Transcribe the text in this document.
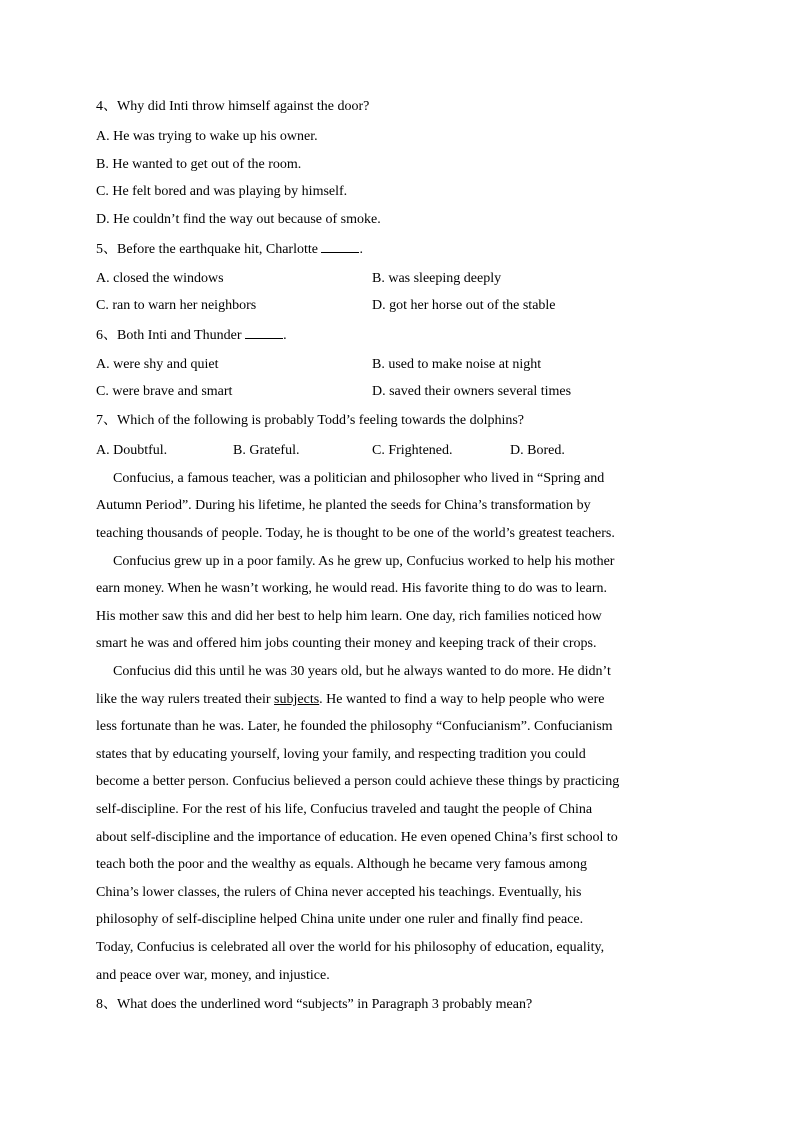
4、Why did Inti throw himself against the door?
A. He was trying to wake up his owner.
B. He wanted to get out of the room.
C. He felt bored and was playing by himself.
D. He couldn’t find the way out because of smoke.
5、Before the earthquake hit, Charlotte	.
A. closed the windows	B. was sleeping deeply
C. ran to warn her neighbors	D. got her horse out of the stable
6、Both Inti and Thunder	.
A. were shy and quiet	B. used to make noise at night
C. were brave and smart	D. saved their owners several times
7、Which of the following is probably Todd’s feeling towards the dolphins?
A. Doubtful.	B. Grateful.	C. Frightened.	D. Bored.
Confucius, a famous teacher, was a politician and philosopher who lived in “Spring and
Autumn Period”. During his lifetime, he planted the seeds for China’s transformation by
teaching thousands of people. Today, he is thought to be one of the world’s greatest teachers.
Confucius grew up in a poor family. As he grew up, Confucius worked to help his mother
earn money. When he wasn’t working, he would read. His favorite thing to do was to learn.
His mother saw this and did her best to help him learn. One day, rich families noticed how
smart he was and offered him jobs counting their money and keeping track of their crops.
Confucius did this until he was 30 years old, but he always wanted to do more. He didn’t
like the way rulers treated their subjects. He wanted to find a way to help people who were
less fortunate than he was. Later, he founded the philosophy “Confucianism”. Confucianism
states that by educating yourself, loving your family, and respecting tradition you could
become a better person. Confucius believed a person could achieve these things by practicing
self-discipline. For the rest of his life, Confucius traveled and taught the people of China
about self-discipline and the importance of education. He even opened China’s first school to
teach both the poor and the wealthy as equals. Although he became very famous among
China’s lower classes, the rulers of China never accepted his teachings. Eventually, his
philosophy of self-discipline helped China unite under one ruler and finally find peace.
Today, Confucius is celebrated all over the world for his philosophy of education, equality,
and peace over war, money, and injustice.
8、What does the underlined word “subjects” in Paragraph 3 probably mean?
